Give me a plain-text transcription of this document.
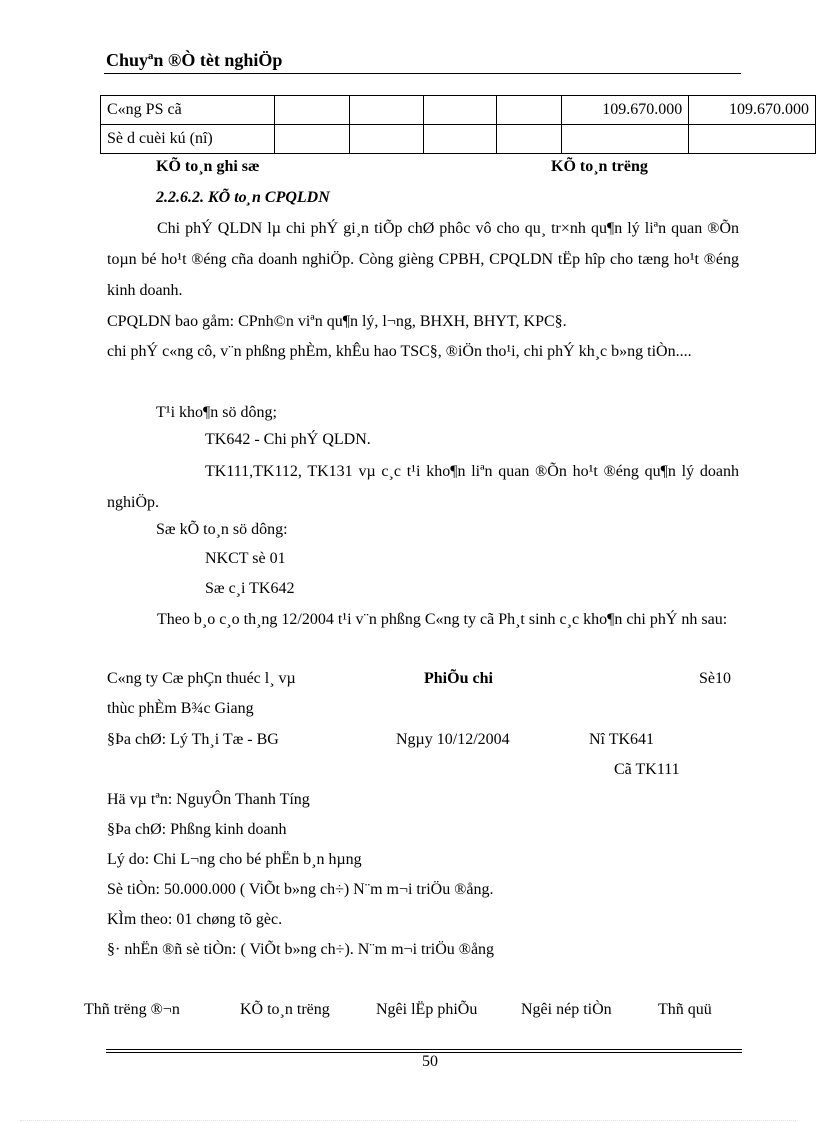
Chuyªn ®Ò tèt nghiÖp
C«ng PS cã					109.670.000	109.670.000
Sè d cuèi kú (nî)						
KÕ to¸n ghi sæ	KÕ to¸n trëng
2.2.6.2. KÕ to¸n CPQLDN
Chi phÝ QLDN lµ chi phÝ gi¸n tiÕp chØ phôc vô cho qu¸ tr×nh qu¶n lý liªn quan ®Õn toµn bé ho¹t ®éng cña doanh nghiÖp. Còng gièng CPBH, CPQLDN tËp hîp cho tæng ho¹t ®éng kinh doanh.
CPQLDN bao gåm: CPnh©n viªn qu¶n lý, l¬ng, BHXH, BHYT, KPC§.
chi phÝ c«ng cô, v¨n phßng phÈm, khÊu hao TSC§, ®iÖn tho¹i, chi phÝ kh¸c b»ng tiÒn....
T¹i kho¶n sö dông;
TK642 - Chi phÝ QLDN.
TK111,TK112, TK131 vµ c¸c t¹i kho¶n liªn quan ®Õn ho¹t ®éng qu¶n lý doanh nghiÖp.
Sæ kÕ to¸n sö dông:
NKCT sè 01
Sæ c¸i TK642
Theo b¸o c¸o th¸ng 12/2004 t¹i v¨n phßng C«ng ty cã Ph¸t sinh c¸c kho¶n chi phÝ nh sau:
C«ng ty Cæ phÇn thuéc l¸ vµ	PhiÕu chi	Sè10
thùc phÈm B¾c Giang
§Þa chØ: Lý Th¸i Tæ - BG	Ngµy 10/12/2004	Nî TK641
Cã TK111
Hä vµ tªn: NguyÔn Thanh Tíng
§Þa chØ: Phßng kinh doanh
Lý do: Chi L¬ng cho bé phËn b¸n hµng
Sè tiÒn: 50.000.000 ( ViÕt b»ng ch÷) N¨m m¬i triÖu ®ång.
KÌm theo: 01 chøng tõ gèc.
§· nhËn ®ñ sè tiÒn: ( ViÕt b»ng ch÷). N¨m m¬i triÖu ®ång
Thñ trëng ®¬n	KÕ to¸n trëng	Ngêi lËp phiÕu	Ngêi nép tiÒn	Thñ quü
50
